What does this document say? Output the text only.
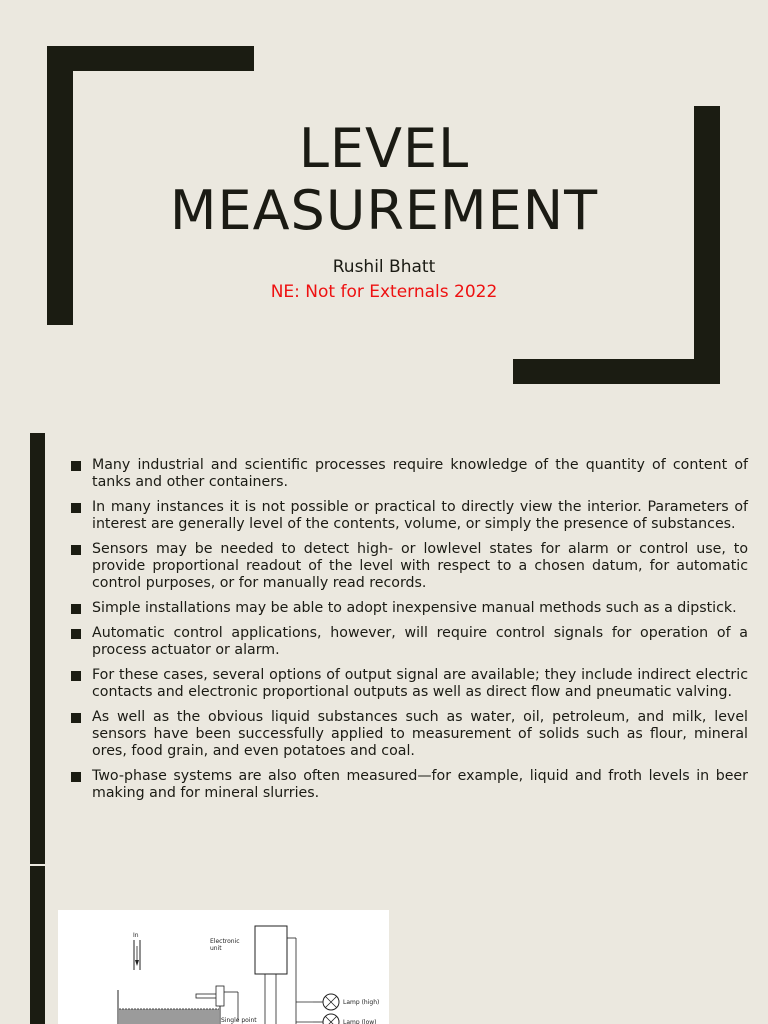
LEVEL
MEASUREMENT
Rushil Bhatt
NE: Not for Externals 2022
Many industrial and scientific processes require knowledge of the quantity of content of tanks and other containers.
In many instances it is not possible or practical to directly view the interior. Parameters of interest are generally level of the contents, volume, or simply the presence of substances.
Sensors may be needed to detect high- or lowlevel states for alarm or control use, to provide proportional readout of the level with respect to a chosen datum, for automatic control purposes, or for manually read records.
Simple installations may be able to adopt inexpensive manual methods such as a dipstick.
Automatic control applications, however, will require control signals for operation of a process actuator or alarm.
For these cases, several options of output signal are available; they include indirect electric contacts and electronic proportional outputs as well as direct flow and pneumatic valving.
As well as the obvious liquid substances such as water, oil, petroleum, and milk, level sensors have been successfully applied to measurement of solids such as flour, mineral ores, food grain, and even potatoes and coal.
Two-phase systems are also often measured—for example, liquid and froth levels in beer making and for mineral slurries.
In
Single point
Electronic
unit
Lamp (high)
Lamp (low)
